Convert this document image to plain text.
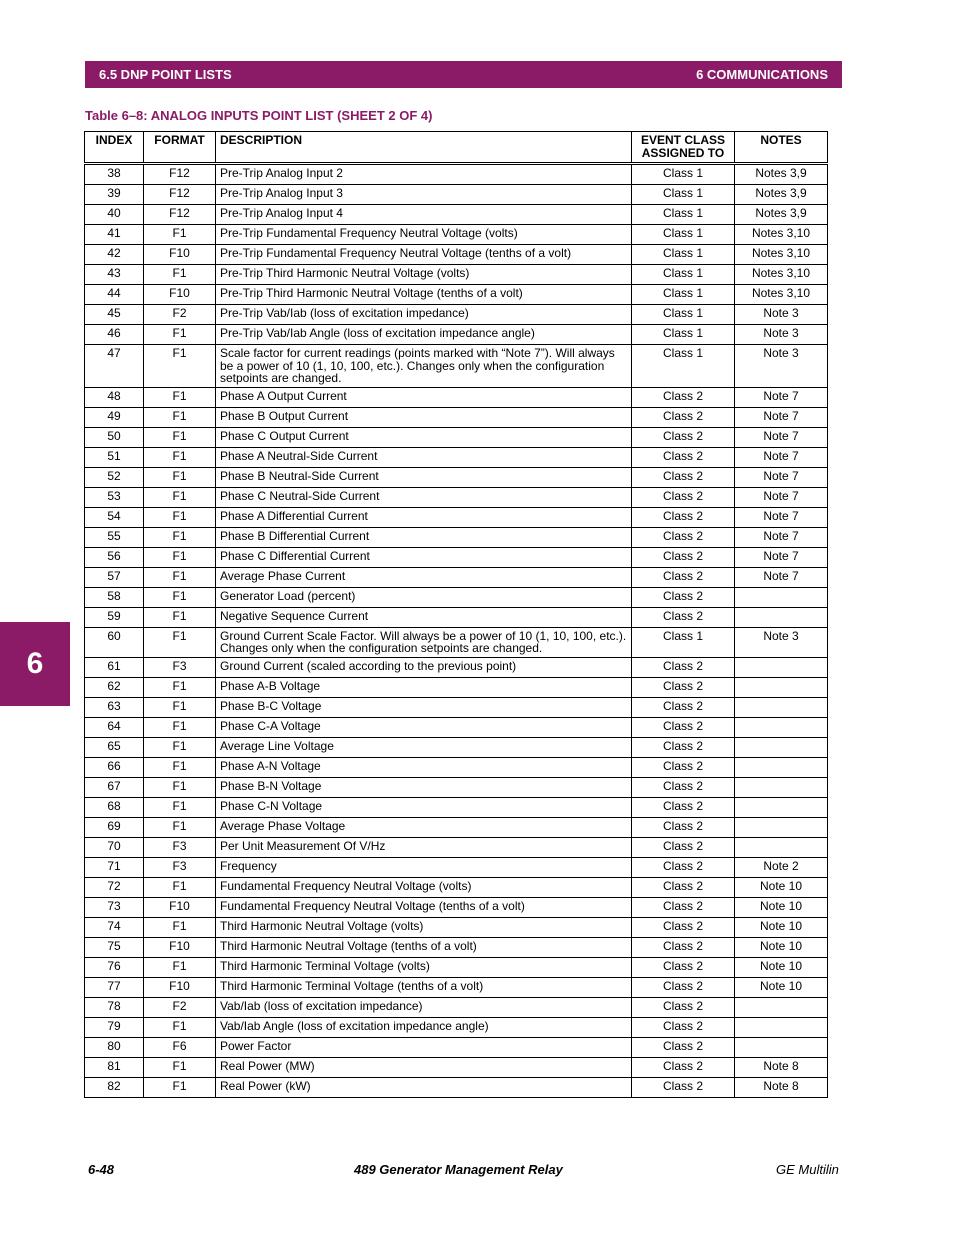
6.5 DNP POINT LISTS	6 COMMUNICATIONS
6
Table 6–8: ANALOG INPUTS POINT LIST (SHEET 2 OF 4)
INDEX	FORMAT	DESCRIPTION	EVENT CLASS ASSIGNED TO	NOTES
38	F12	Pre-Trip Analog Input 2	Class 1	Notes 3,9
39	F12	Pre-Trip Analog Input 3	Class 1	Notes 3,9
40	F12	Pre-Trip Analog Input 4	Class 1	Notes 3,9
41	F1	Pre-Trip Fundamental Frequency Neutral Voltage (volts)	Class 1	Notes 3,10
42	F10	Pre-Trip Fundamental Frequency Neutral Voltage (tenths of a volt)	Class 1	Notes 3,10
43	F1	Pre-Trip Third Harmonic Neutral Voltage (volts)	Class 1	Notes 3,10
44	F10	Pre-Trip Third Harmonic Neutral Voltage (tenths of a volt)	Class 1	Notes 3,10
45	F2	Pre-Trip Vab/Iab (loss of excitation impedance)	Class 1	Note 3
46	F1	Pre-Trip Vab/Iab Angle (loss of excitation impedance angle)	Class 1	Note 3
47	F1	Scale factor for current readings (points marked with “Note 7”). Will always be a power of 10 (1, 10, 100, etc.). Changes only when the configuration setpoints are changed.	Class 1	Note 3
48	F1	Phase A Output Current	Class 2	Note 7
49	F1	Phase B Output Current	Class 2	Note 7
50	F1	Phase C Output Current	Class 2	Note 7
51	F1	Phase A Neutral-Side Current	Class 2	Note 7
52	F1	Phase B Neutral-Side Current	Class 2	Note 7
53	F1	Phase C Neutral-Side Current	Class 2	Note 7
54	F1	Phase A Differential Current	Class 2	Note 7
55	F1	Phase B Differential Current	Class 2	Note 7
56	F1	Phase C Differential Current	Class 2	Note 7
57	F1	Average Phase Current	Class 2	Note 7
58	F1	Generator Load (percent)	Class 2	
59	F1	Negative Sequence Current	Class 2	
60	F1	Ground Current Scale Factor. Will always be a power of 10 (1, 10, 100, etc.). Changes only when the configuration setpoints are changed.	Class 1	Note 3
61	F3	Ground Current (scaled according to the previous point)	Class 2	
62	F1	Phase A-B Voltage	Class 2	
63	F1	Phase B-C Voltage	Class 2	
64	F1	Phase C-A Voltage	Class 2	
65	F1	Average Line Voltage	Class 2	
66	F1	Phase A-N Voltage	Class 2	
67	F1	Phase B-N Voltage	Class 2	
68	F1	Phase C-N Voltage	Class 2	
69	F1	Average Phase Voltage	Class 2	
70	F3	Per Unit Measurement Of V/Hz	Class 2	
71	F3	Frequency	Class 2	Note 2
72	F1	Fundamental Frequency Neutral Voltage (volts)	Class 2	Note 10
73	F10	Fundamental Frequency Neutral Voltage (tenths of a volt)	Class 2	Note 10
74	F1	Third Harmonic Neutral Voltage (volts)	Class 2	Note 10
75	F10	Third Harmonic Neutral Voltage (tenths of a volt)	Class 2	Note 10
76	F1	Third Harmonic Terminal Voltage (volts)	Class 2	Note 10
77	F10	Third Harmonic Terminal Voltage (tenths of a volt)	Class 2	Note 10
78	F2	Vab/Iab (loss of excitation impedance)	Class 2	
79	F1	Vab/Iab Angle (loss of excitation impedance angle)	Class 2	
80	F6	Power Factor	Class 2	
81	F1	Real Power (MW)	Class 2	Note 8
82	F1	Real Power (kW)	Class 2	Note 8
6-48	489 Generator Management Relay	GE Multilin
